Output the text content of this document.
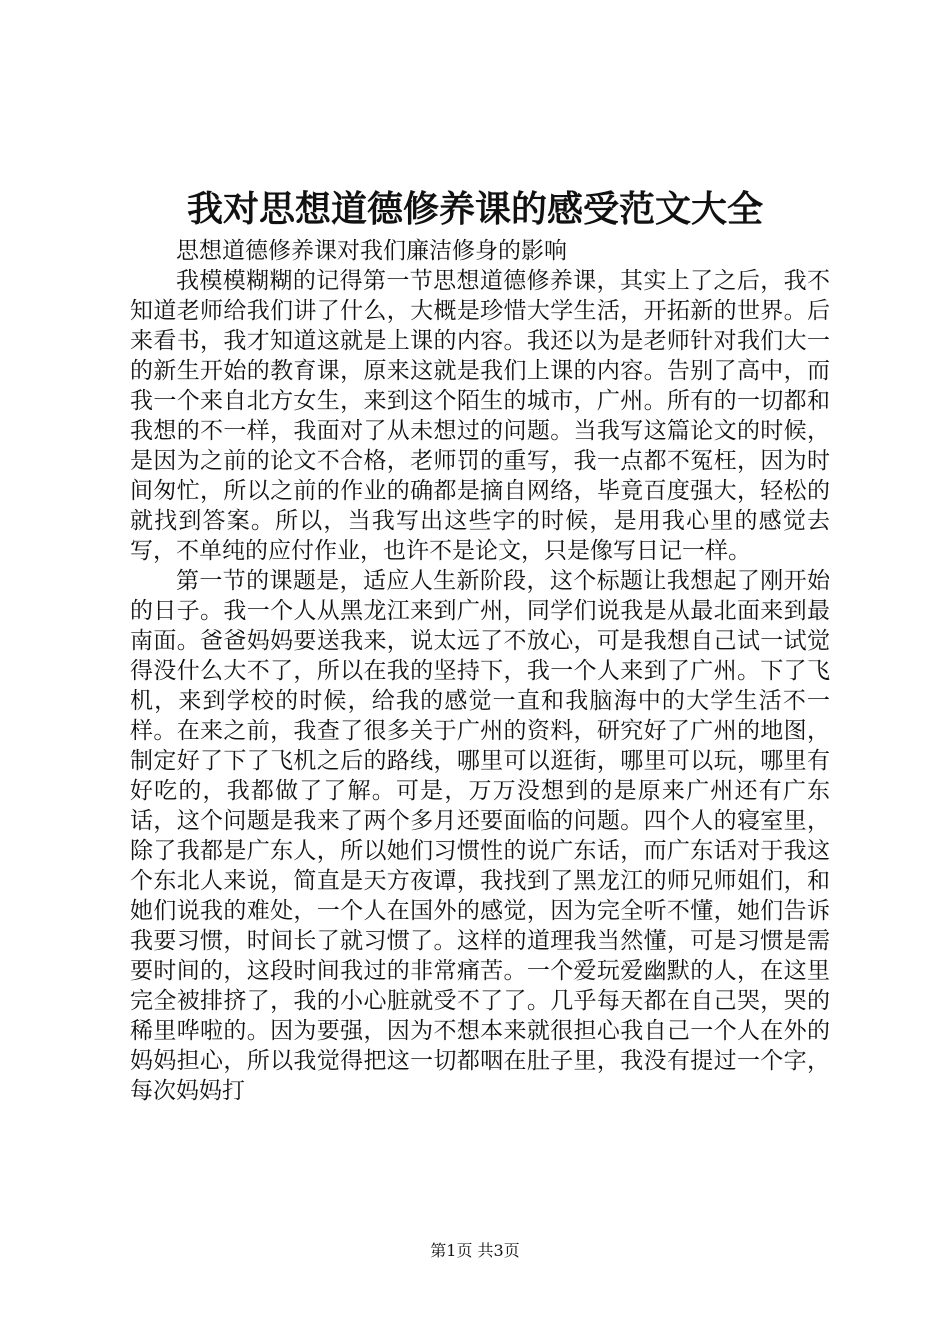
我对思想道德修养课的感受范文大全

思想道德修养课对我们廉洁修身的影响

我模模糊糊的记得第一节思想道德修养课，其实上了之后，我不知道老师给我们讲了什么，大概是珍惜大学生活，开拓新的世界。后来看书，我才知道这就是上课的内容。我还以为是老师针对我们大一的新生开始的教育课，原来这就是我们上课的内容。告别了高中，而我一个来自北方女生，来到这个陌生的城市，广州。所有的一切都和我想的不一样，我面对了从未想过的问题。当我写这篇论文的时候，是因为之前的论文不合格，老师罚的重写，我一点都不冤枉，因为时间匆忙，所以之前的作业的确都是摘自网络，毕竟百度强大，轻松的就找到答案。所以，当我写出这些字的时候，是用我心里的感觉去写，不单纯的应付作业，也许不是论文，只是像写日记一样。

第一节的课题是，适应人生新阶段，这个标题让我想起了刚开始的日子。我一个人从黑龙江来到广州，同学们说我是从最北面来到最南面。爸爸妈妈要送我来，说太远了不放心，可是我想自己试一试觉得没什么大不了，所以在我的坚持下，我一个人来到了广州。下了飞机，来到学校的时候，给我的感觉一直和我脑海中的大学生活不一样。在来之前，我查了很多关于广州的资料，研究好了广州的地图，制定好了下了飞机之后的路线，哪里可以逛街，哪里可以玩，哪里有好吃的，我都做了了解。可是，万万没想到的是原来广州还有广东话，这个问题是我来了两个多月还要面临的问题。四个人的寝室里，除了我都是广东人，所以她们习惯性的说广东话，而广东话对于我这个东北人来说，简直是天方夜谭，我找到了黑龙江的师兄师姐们，和她们说我的难处，一个人在国外的感觉，因为完全听不懂，她们告诉我要习惯，时间长了就习惯了。这样的道理我当然懂，可是习惯是需要时间的，这段时间我过的非常痛苦。一个爱玩爱幽默的人，在这里完全被排挤了，我的小心脏就受不了了。几乎每天都在自己哭，哭的稀里哗啦的。因为要强，因为不想本来就很担心我自己一个人在外的妈妈担心，所以我觉得把这一切都咽在肚子里，我没有提过一个字，每次妈妈打

第1页 共3页
